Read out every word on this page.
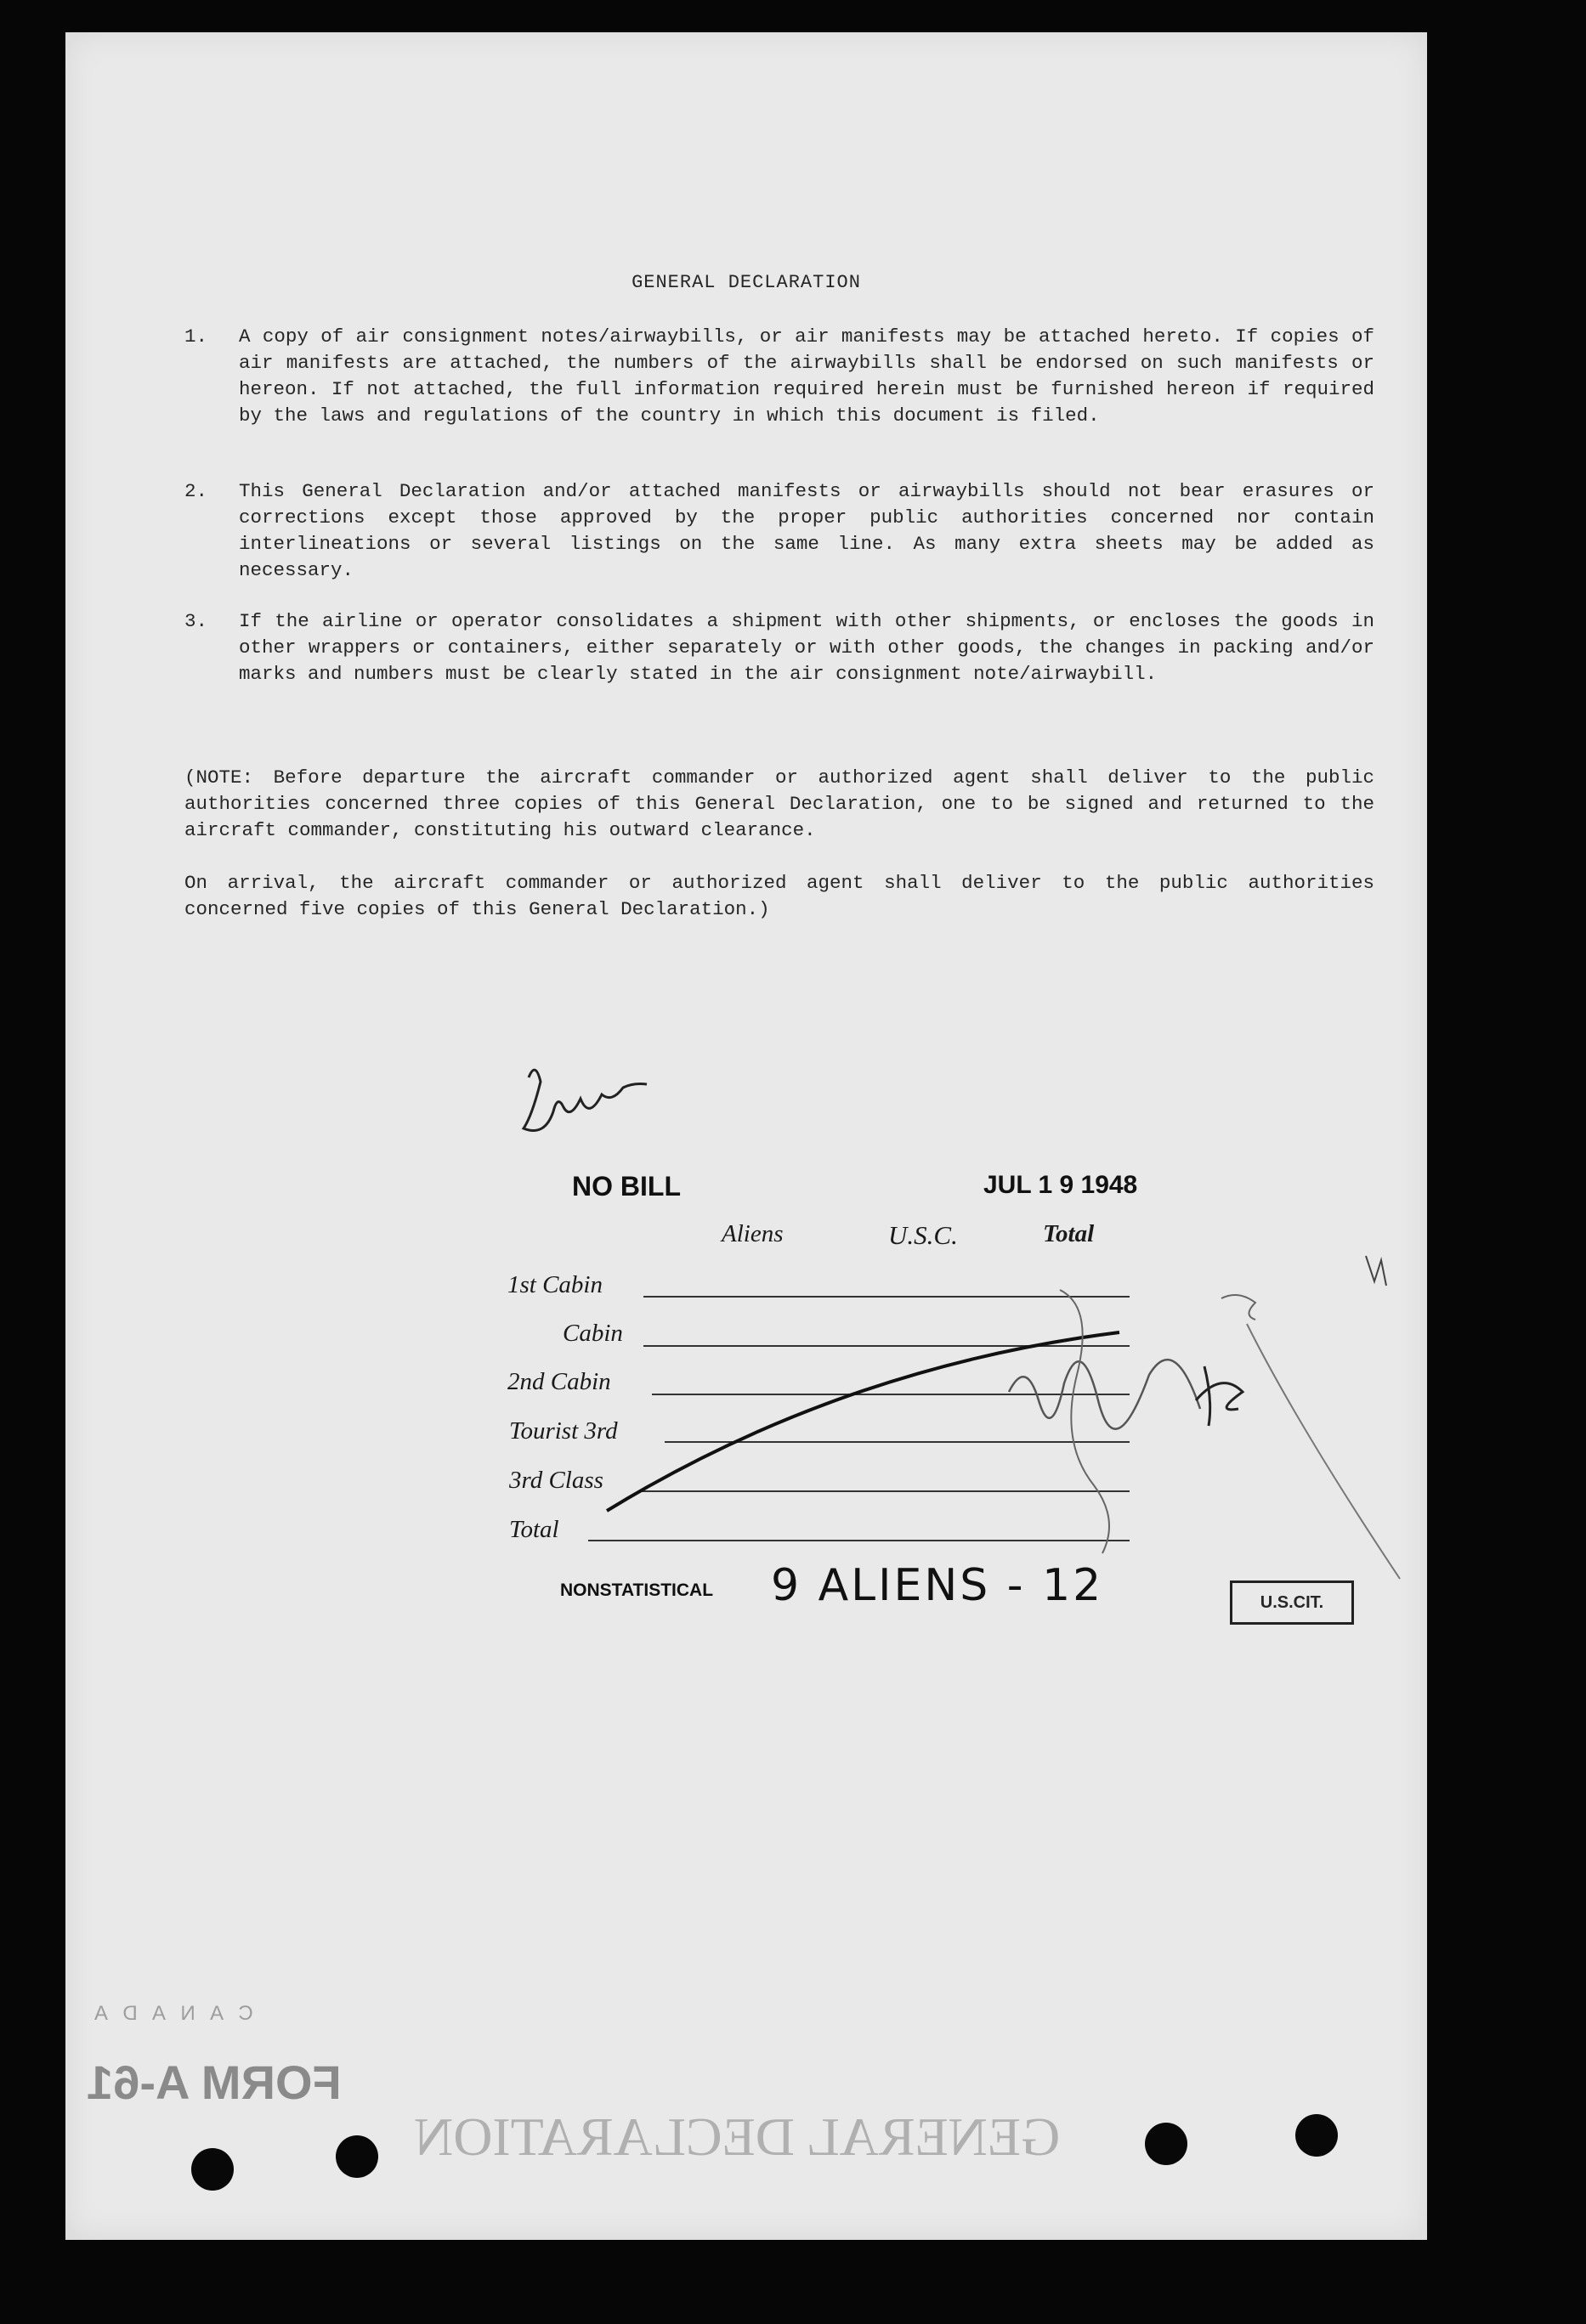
FORM A-61
C A N A D A
GENERAL DECLARATION
GENERAL DECLARATION
1. A copy of air consignment notes/airwaybills, or air manifests may be attached hereto. If copies of air manifests are attached, the numbers of the airwaybills shall be endorsed on such manifests or hereon. If not attached, the full information required herein must be furnished hereon if required by the laws and regulations of the country in which this document is filed.
2. This General Declaration and/or attached manifests or airwaybills should not bear erasures or corrections except those approved by the proper public authorities concerned nor contain interlineations or several listings on the same line. As many extra sheets may be added as necessary.
3. If the airline or operator consolidates a shipment with other shipments, or encloses the goods in other wrappers or containers, either separately or with other goods, the changes in packing and/or marks and numbers must be clearly stated in the air consignment note/airwaybill.
(NOTE: Before departure the aircraft commander or authorized agent shall deliver to the public authorities concerned three copies of this General Declaration, one to be signed and returned to the aircraft commander, constituting his outward clearance.
On arrival, the aircraft commander or authorized agent shall deliver to the public authorities concerned five copies of this General Declaration.)
NO BILL	JUL 1 9 1948
Aliens	U.S.C.	Total
1st Cabin
Cabin
2nd Cabin
Tourist 3rd
3rd Class
Total
NONSTATISTICAL 9 ALIENS - 12	U.S.CIT.
